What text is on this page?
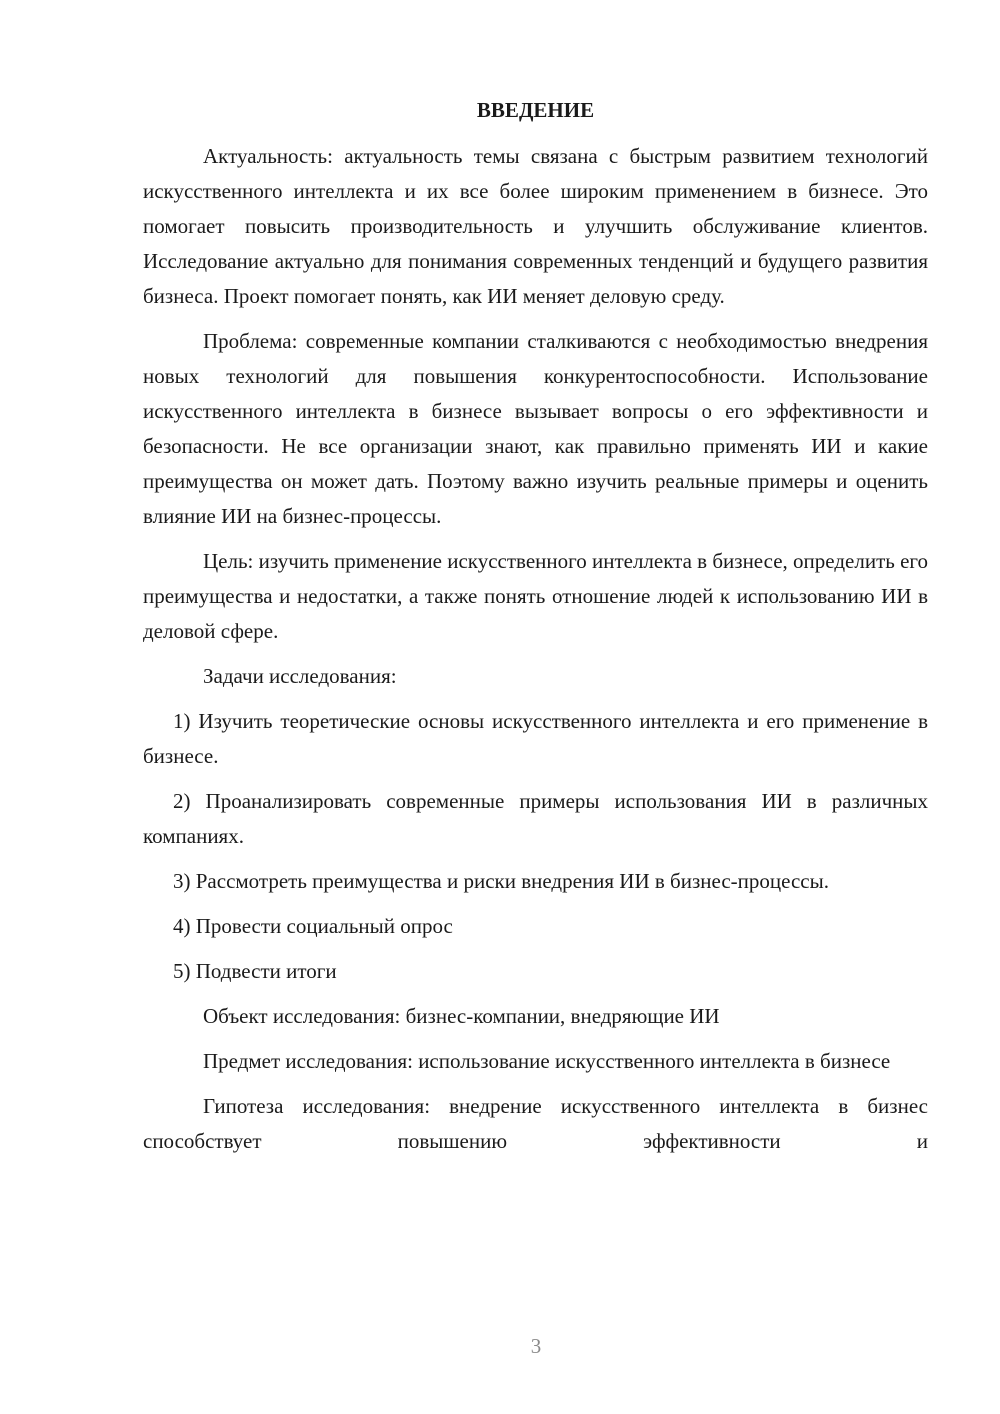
ВВЕДЕНИЕ

Актуальность: актуальность темы связана с быстрым развитием технологий искусственного интеллекта и их все более широким применением в бизнесе. Это помогает повысить производительность и улучшить обслуживание клиентов. Исследование актуально для понимания современных тенденций и будущего развития бизнеса. Проект помогает понять, как ИИ меняет деловую среду.

Проблема: современные компании сталкиваются с необходимостью внедрения новых технологий для повышения конкурентоспособности. Использование искусственного интеллекта в бизнесе вызывает вопросы о его эффективности и безопасности. Не все организации знают, как правильно применять ИИ и какие преимущества он может дать. Поэтому важно изучить реальные примеры и оценить влияние ИИ на бизнес-процессы.

Цель: изучить применение искусственного интеллекта в бизнесе, определить его преимущества и недостатки, а также понять отношение людей к использованию ИИ в деловой сфере.

Задачи исследования:

1) Изучить теоретические основы искусственного интеллекта и его применение в бизнесе.

2) Проанализировать современные примеры использования ИИ в различных компаниях.

3) Рассмотреть преимущества и риски внедрения ИИ в бизнес-процессы.

4) Провести социальный опрос

5) Подвести итоги

Объект исследования: бизнес-компании, внедряющие ИИ

Предмет исследования: использование искусственного интеллекта в бизнесе

Гипотеза исследования: внедрение искусственного интеллекта в бизнес способствует повышению эффективности и

3
